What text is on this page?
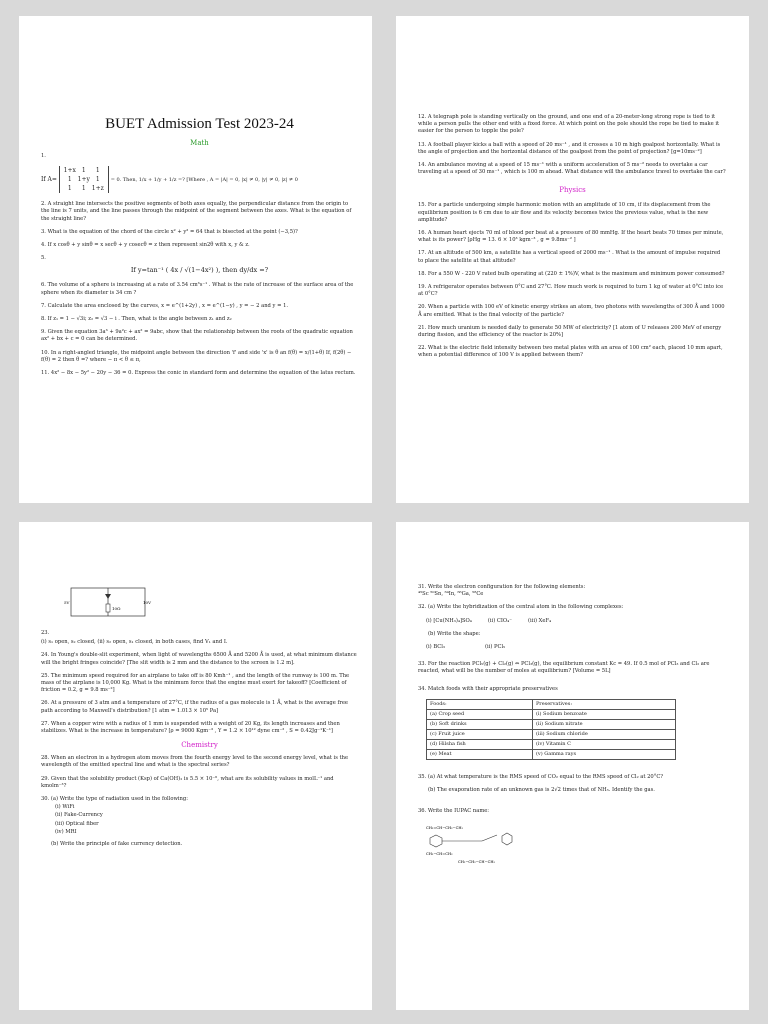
BUET Admission Test 2023-24
Math
1.
If A= 1+x 1 1
1 1+y 1
1 1 1+z = 0. Then, 1/x + 1/y + 1/z =? [Where , A = |A| = 0, |x| ≠ 0, |y| ≠ 0, |z| ≠ 0
2. A straight line intersects the positive segments of both axes equally, the perpendicular distance from the origin to the line is 7 units, and the line passes through the midpoint of the segment between the axes. What is the equation of the straight line?
3. What is the equation of the chord of the circle x² + y² = 64 that is bisected at the point (−3,5)?
4. If x cosθ + y sinθ = x secθ + y cosecθ = z then represent sin2θ with x, y & z.
5.
If y=tan⁻¹ ( 4x / √(1−4x²) ), then dy/dx =?
6. The volume of a sphere is increasing at a rate of 3.54 cm³s⁻¹ . What is the rate of increase of the surface area of the sphere when its diameter is 34 cm ?
7. Calculate the area enclosed by the curves, x = e^(1+2y) , x = e^(1−y) , y = − 2 and y = 1.
8. If z₁ = 1 − √3i; z₂ = √3 − i . Then, what is the angle between z₁ and z₂
9. Given the equation 3a³ + 9a²c + ax² = 9abc, show that the relationship between the roots of the quadratic equation ax² + bx + c = 0 can be determined.
10. In a right-angled triangle, the midpoint angle between the direction 'f' and side 'x' is θ an f(θ) = x/(1+θ) If, f(2θ) − f(θ) = 2 then θ =? where − π < θ ≤ π,
11. 4x² − 8x − 5y² − 20y − 36 = 0. Express the conic in standard form and determine the equation of the latus rectum.
12. A telegraph pole is standing vertically on the ground, and one end of a 20-meter-long strong rope is tied to it while a person pulls the other end with a fixed force. At which point on the pole should the rope be tied to make it easier for the person to topple the pole?
13. A football player kicks a ball with a speed of 20 ms⁻¹ , and it crosses a 10 m high goalpost horizontally. What is the angle of projection and the horizontal distance of the goalpost from the point of projection? [g=10ms⁻²]
14. An ambulance moving at a speed of 15 ms⁻¹ with a uniform acceleration of 5 ms⁻² needs to overtake a car traveling at a speed of 30 ms⁻¹ , which is 100 m ahead. What distance will the ambulance travel to overtake the car?
Physics
15. For a particle undergoing simple harmonic motion with an amplitude of 10 cm, if its displacement from the equilibrium position is 6 cm due to air flow and its velocity becomes twice the previous value, what is the new amplitude?
16. A human heart ejects 70 ml of blood per beat at a pressure of 80 mmHg. If the heart beats 70 times per minute, what is its power? [ρHg = 13. 6 × 10³ kgm⁻³ , g = 9.8ms⁻² ]
17. At an altitude of 500 km, a satellite has a vertical speed of 2000 ms⁻¹ . What is the amount of impulse required to place the satellite at that altitude?
18. For a 550 W - 220 V rated bulb operating at (220 ± 1%)V, what is the maximum and minimum power consumed?
19. A refrigerator operates between 0°C and 27°C. How much work is required to turn 1 kg of water at 0°C into ice at 0°C?
20. When a particle with 100 eV of kinetic energy strikes an atom, two photons with wavelengths of 300 Å and 1000 Å are emitted. What is the final velocity of the particle?
21. How much uranium is needed daily to generate 50 MW of electricity? [1 atom of U releases 200 MeV of energy during fission, and the efficiency of the reactor is 20%]
22. What is the electric field intensity between two metal plates with an area of 100 cm² each, placed 10 mm apart, when a potential difference of 100 V is applied between them?
5V	10V
10Ω
23.
(i) s₁ open, s₂ closed, (ii) s₂ open, s₁ closed, in both cases, find V₁ and I.
24. In Young's double-slit experiment, when light of wavelengths 6500 Å and 5200 Å is used, at what minimum distance will the bright fringes coincide? [The slit width is 2 mm and the distance to the screen is 1.2 m].
25. The minimum speed required for an airplane to take off is 80 Kmh⁻¹ , and the length of the runway is 100 m. The mass of the airplane is 10,000 Kg. What is the minimum force that the engine must exert for takeoff? [Coefficient of friction = 0.2, g = 9.8 ms⁻²]
26. At a pressure of 3 atm and a temperature of 27°C, if the radius of a gas molecule is 1 Å, what is the average free path according to Maxwell's distribution? [1 atm = 1.013 × 10⁵ Pa]
27. When a copper wire with a radius of 1 mm is suspended with a weight of 20 Kg, its length increases and then stabilizes. What is the increase in temperature? [ρ = 9000 Kgm⁻³ , Y = 1.2 × 10¹² dyne cm⁻² , S = 0.42Jg⁻¹K⁻¹]
Chemistry
28. When an electron in a hydrogen atom moves from the fourth energy level to the second energy level, what is the wavelength of the emitted spectral line and what is the spectral series?
29. Given that the solubility product (Ksp) of Ca(OH)₂ is 5.5 × 10⁻⁶, what are its solubility values in molL⁻¹ and kmolm⁻³?
30. (a) Write the type of radiation used in the following:
(i) WiFi
(ii) Fake-Currency
(iii) Optical fiber
(iv) MRI
(b) Write the principle of fake currency detection.
31. Write the electron configuration for the following elements:
⁴⁵Sc ⁵⁰Sn, ⁶⁴In, ⁶⁶Ga, ⁵⁸Ce
32. (a) Write the hybridization of the central atom in the following complexes:
(i) [Cu(NH₃)₄]SO₄	(ii) CIO₄⁻	(iii) XeF₄
(b) Write the shape:
(i) BCl₃	(ii) PCl₅
33. For the reaction PCl₅(g) + Cl₂(g) ⇔ PCl₃(g), the equilibrium constant Kc = 49. If 0.5 mol of PCl₃ and Cl₂ are reacted, what will be the number of moles at equilibrium? [Volume = 5L]
34. Match foods with their appropriate preservatives
Foods:	Preservatives:
(a) Crop seed	(i) Sodium benzoate
(b) Soft drinks	(ii) Sodium nitrate
(c) Fruit juice	(iii) Sodium chloride
(d) Hilsha fish	(iv) Vitamin C
(e) Meat	(v) Gamma rays
35. (a) At what temperature is the RMS speed of CO₂ equal to the RMS speed of Cl₂ at 20°C?
(b) The evaporation rate of an unknown gas is 2√2 times that of NH₃. Identify the gas.
36. Write the IUPAC name:
CH₂=CH−CH₂−CH₃
CH₂−CH=CH₂
CH₃−CH₂−CH−CH₂
